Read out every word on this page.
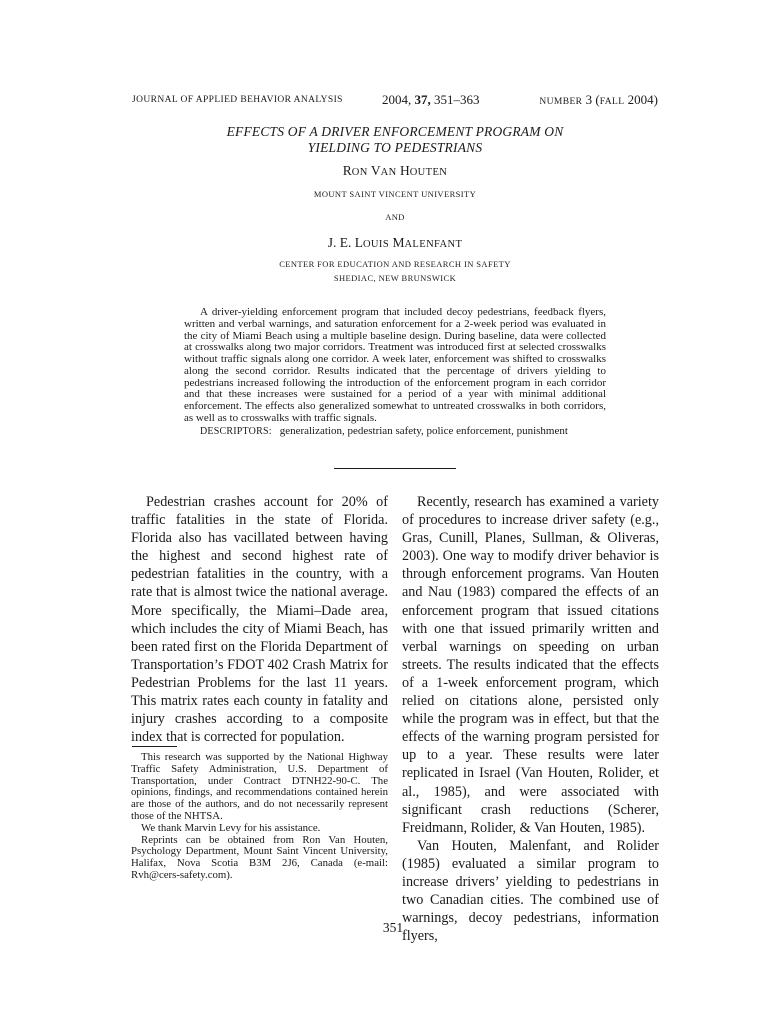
JOURNAL OF APPLIED BEHAVIOR ANALYSIS	2004, 37, 351–363	NUMBER 3 (FALL 2004)
EFFECTS OF A DRIVER ENFORCEMENT PROGRAM ON
YIELDING TO PEDESTRIANS
RON VAN HOUTEN
MOUNT SAINT VINCENT UNIVERSITY
AND
J. E. LOUIS MALENFANT
CENTER FOR EDUCATION AND RESEARCH IN SAFETY
SHEDIAC, NEW BRUNSWICK

A driver-yielding enforcement program that included decoy pedestrians, feedback flyers, written and verbal warnings, and saturation enforcement for a 2-week period was evaluated in the city of Miami Beach using a multiple baseline design. During baseline, data were collected at crosswalks along two major corridors. Treatment was introduced first at selected crosswalks without traffic signals along one corridor. A week later, enforcement was shifted to crosswalks along the second corridor. Results indicated that the percentage of drivers yielding to pedestrians increased following the introduction of the enforcement program in each corridor and that these increases were sustained for a period of a year with minimal additional enforcement. The effects also generalized somewhat to untreated crosswalks in both corridors, as well as to crosswalks with traffic signals.

DESCRIPTORS: generalization, pedestrian safety, police enforcement, punishment

Pedestrian crashes account for 20% of traffic fatalities in the state of Florida. Florida also has vacillated between having the highest and second highest rate of pedestrian fatalities in the country, with a rate that is almost twice the national average. More specifically, the Miami–Dade area, which includes the city of Miami Beach, has been rated first on the Florida Department of Transportation’s FDOT 402 Crash Matrix for Pedestrian Problems for the last 11 years. This matrix rates each county in fatality and injury crashes according to a composite index that is corrected for population.

This research was supported by the National Highway Traffic Safety Administration, U.S. Department of Transportation, under Contract DTNH22-90-C. The opinions, findings, and recommendations contained herein are those of the authors, and do not necessarily represent those of the NHTSA.

We thank Marvin Levy for his assistance.

Reprints can be obtained from Ron Van Houten, Psychology Department, Mount Saint Vincent University, Halifax, Nova Scotia B3M 2J6, Canada (e-mail: Rvh@cers-safety.com).

Recently, research has examined a variety of procedures to increase driver safety (e.g., Gras, Cunill, Planes, Sullman, & Oliveras, 2003). One way to modify driver behavior is through enforcement programs. Van Houten and Nau (1983) compared the effects of an enforcement program that issued citations with one that issued primarily written and verbal warnings on speeding on urban streets. The results indicated that the effects of a 1-week enforcement program, which relied on citations alone, persisted only while the program was in effect, but that the effects of the warning program persisted for up to a year. These results were later replicated in Israel (Van Houten, Rolider, et al., 1985), and were associated with significant crash reductions (Scherer, Freidmann, Rolider, & Van Houten, 1985).

Van Houten, Malenfant, and Rolider (1985) evaluated a similar program to increase drivers’ yielding to pedestrians in two Canadian cities. The combined use of warnings, decoy pedestrians, information flyers,

351
